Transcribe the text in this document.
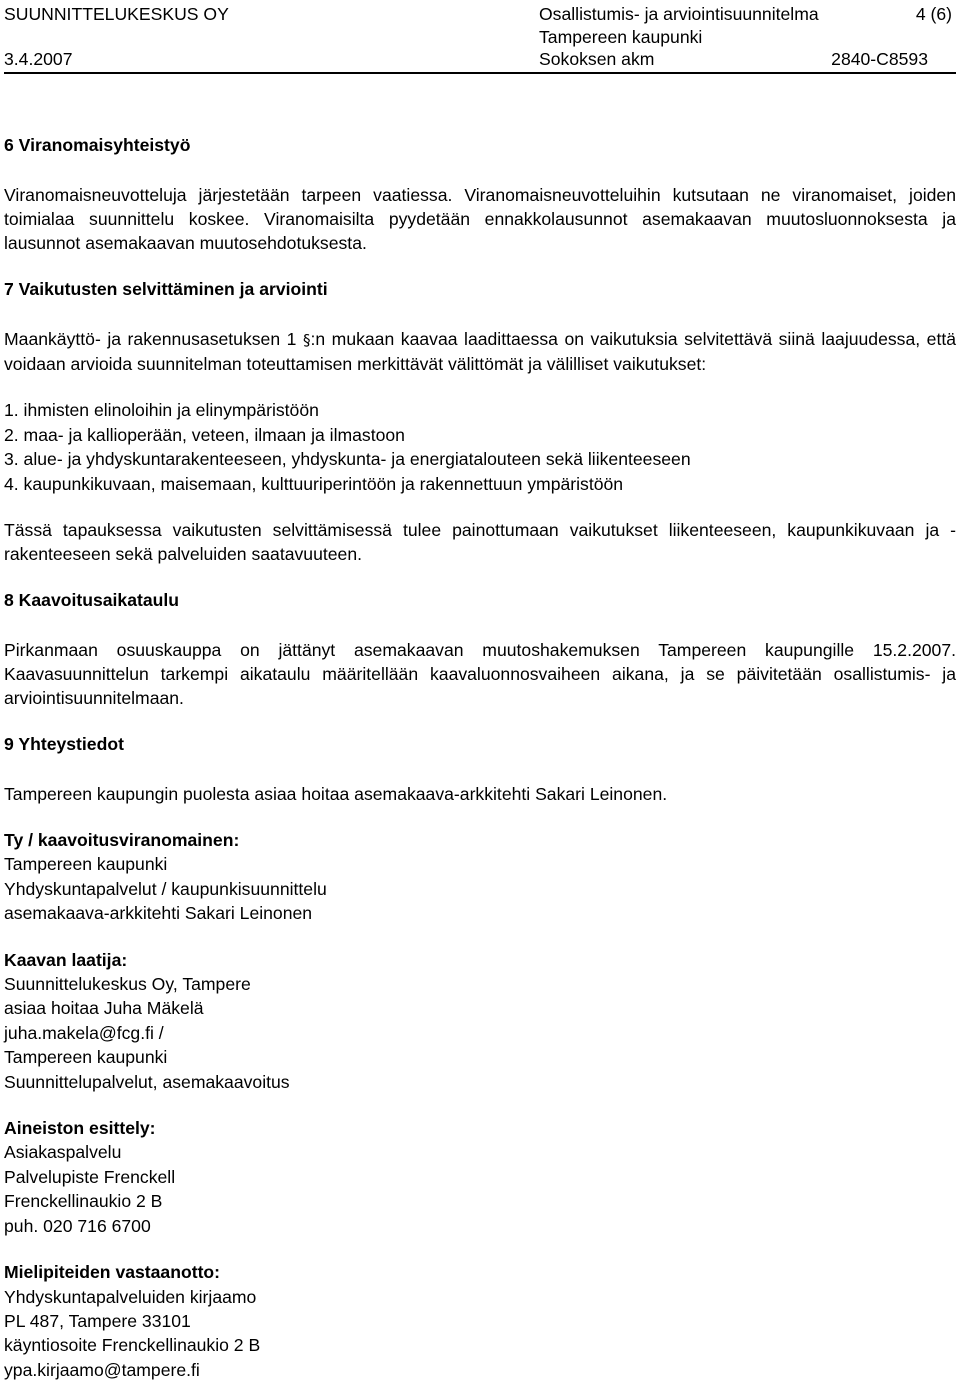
SUUNNITTELUKESKUS OY
3.4.2007
Osallistumis- ja arviointisuunnitelma
Tampereen kaupunki
Sokoksen akm
4 (6)
2840-C8593
6 Viranomaisyhteistyö

Viranomaisneuvotteluja järjestetään tarpeen vaatiessa. Viranomaisneuvotteluihin kutsutaan ne viranomaiset, joiden toimialaa suunnittelu koskee. Viranomaisilta pyydetään ennakkolausunnot asemakaavan muutosluonnoksesta ja lausunnot asemakaavan muutosehdotuksesta.

7 Vaikutusten selvittäminen ja arviointi

Maankäyttö- ja rakennusasetuksen 1 §:n mukaan kaavaa laadittaessa on vaikutuksia selvitettävä siinä laajuudessa, että voidaan arvioida suunnitelman toteuttamisen merkittävät välittömät ja välilliset vaikutukset:

1. ihmisten elinoloihin ja elinympäristöön
2. maa- ja kallioperään, veteen, ilmaan ja ilmastoon
3. alue- ja yhdyskuntarakenteeseen, yhdyskunta- ja energiatalouteen sekä liikenteeseen
4. kaupunkikuvaan, maisemaan, kulttuuriperintöön ja rakennettuun ympäristöön

Tässä tapauksessa vaikutusten selvittämisessä tulee painottumaan vaikutukset liikenteeseen, kaupunkikuvaan ja -rakenteeseen sekä palveluiden saatavuuteen.

8 Kaavoitusaikataulu

Pirkanmaan osuuskauppa on jättänyt asemakaavan muutoshakemuksen Tampereen kaupungille 15.2.2007. Kaavasuunnittelun tarkempi aikataulu määritellään kaavaluonnosvaiheen aikana, ja se päivitetään osallistumis- ja arviointisuunnitelmaan.

9 Yhteystiedot

Tampereen kaupungin puolesta asiaa hoitaa asemakaava-arkkitehti Sakari Leinonen.

Ty / kaavoitusviranomainen:
Tampereen kaupunki
Yhdyskuntapalvelut / kaupunkisuunnittelu
asemakaava-arkkitehti Sakari Leinonen
Kaavan laatija:
Suunnittelukeskus Oy, Tampere
asiaa hoitaa Juha Mäkelä
juha.makela@fcg.fi /
Tampereen kaupunki
Suunnittelupalvelut, asemakaavoitus
Aineiston esittely:
Asiakaspalvelu
Palvelupiste Frenckell
Frenckellinaukio 2 B
puh. 020 716 6700
Mielipiteiden vastaanotto:
Yhdyskuntapalveluiden kirjaamo
PL 487, Tampere 33101
käyntiosoite Frenckellinaukio 2 B
ypa.kirjaamo@tampere.fi
